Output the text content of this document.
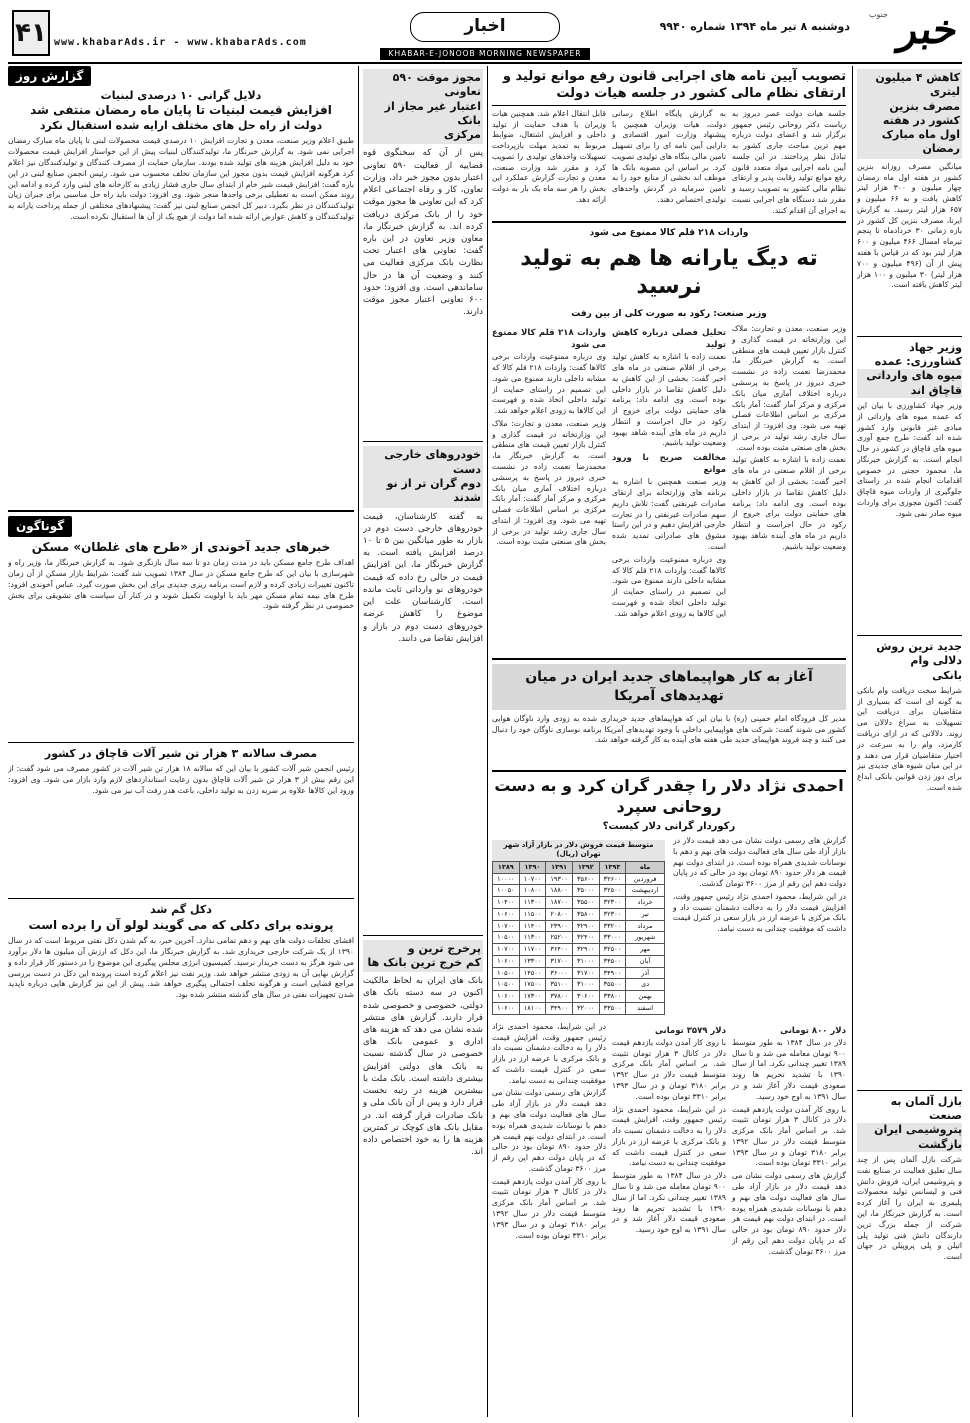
خبر
جنوب
دوشنبه ۸ تیر ماه ۱۳۹۴ شماره ۹۹۴۰
اخبار
KHABAR-E-JONOOB MORNING NEWSPAPER
www.khabarAds.ir - www.khabarAds.com
۴۱
کاهش ۴ میلیون لیتری
مصرف بنزین کشور در هفته
اول ماه مبارک رمضان
میانگین مصرف روزانه بنزین کشور در هفته اول ماه رمضان چهار میلیون و ۳۰۰ هزار لیتر کاهش یافت و به ۶۶ میلیون و ۶۵۷ هزار لیتر رسید. به گزارش ایرنا، مصرف بنزین کل کشور در بازه زمانی ۳۰ خردادماه تا پنجم تیرماه امسال ۴۶۶ میلیون و ۶۰۰ هزار لیتر بود که در قیاس با هفته پیش از آن (۴۹۶ میلیون و ۷۰۰ هزار لیتر) ۳۰ میلیون و ۱۰۰ هزار لیتر کاهش یافته است.
وزیر جهاد کشاورزی: عمده
میوه های وارداتی قاچاق اند
وزیر جهاد کشاورزی با بیان این که عمده میوه های وارداتی از مبادی غیر قانونی وارد کشور شده اند گفت: طرح جمع آوری میوه های قاچاق در کشور در حال انجام است. به گزارش خبرنگار ما، محمود حجتی در خصوص اقدامات انجام شده در راستای جلوگیری از واردات میوه قاچاق گفت: اکنون مجوزی برای واردات میوه صادر نمی شود.
جدید ترین روش دلالی وام
بانکی
شرایط سخت دریافت وام بانکی به گونه ای است که بسیاری از متقاضیان برای دریافت این تسهیلات به سراغ دلالان می روند. دلالانی که در ازای دریافت کارمزد، وام را به سرعت در اختیار متقاضیان قرار می دهند و در این میان شیوه های جدیدی نیز برای دور زدن قوانین بانکی ابداع شده است.
بازل آلمان به صنعت
پتروشیمی ایران بازگشت
شرکت بازل آلمان پس از چند سال تعلیق فعالیت در صنایع نفت و پتروشیمی ایران، فروش دانش فنی و لیسانس تولید محصولات پلیمری به ایران را آغاز کرده است. به گزارش خبرنگار ما، این شرکت از جمله بزرگ ترین دارندگان دانش فنی تولید پلی اتیلن و پلی پروپیلن در جهان است.
تصویب آیین نامه های اجرایی قانون رفع موانع تولید و ارتقای نظام مالی کشور در جلسه هیات دولت
جلسه هیات دولت عصر دیروز به ریاست دکتر روحانی رئیس جمهور برگزار شد و اعضای دولت درباره مهم ترین مباحث جاری کشور به تبادل نظر پرداختند. در این جلسه آیین نامه اجرایی مواد متعدد قانون رفع موانع تولید رقابت پذیر و ارتقای نظام مالی کشور به تصویب رسید و مقرر شد دستگاه های اجرایی نسبت به اجرای آن اقدام کنند.
به گزارش پایگاه اطلاع رسانی دولت، هیات وزیران همچنین با پیشنهاد وزارت امور اقتصادی و دارایی آیین نامه ای را برای تسهیل تامین مالی بنگاه های تولیدی تصویب کرد. بر اساس این مصوبه بانک ها موظف اند بخشی از منابع خود را به تامین سرمایه در گردش واحدهای تولیدی اختصاص دهند.
قابل انتقال اعلام شد. همچنین هیات وزیران با هدف حمایت از تولید داخلی و افزایش اشتغال، ضوابط مربوط به تمدید مهلت بازپرداخت تسهیلات واحدهای تولیدی را تصویب کرد و مقرر شد وزارت صنعت، معدن و تجارت گزارش عملکرد این بخش را هر سه ماه یک بار به دولت ارائه دهد.
واردات ۲۱۸ قلم کالا ممنوع می شود
ته دیگ یارانه ها هم به تولید نرسید
وزیر صنعت: رکود به صورت کلی از بین رفت

وزیر صنعت، معدن و تجارت: ملاک این وزارتخانه در قیمت گذاری و کنترل بازار تعیین قیمت های منطقی است. به گزارش خبرنگار ما، محمدرضا نعمت زاده در نشست خبری دیروز در پاسخ به پرسشی درباره اختلاف آماری میان بانک مرکزی و مرکز آمار گفت: آمار بانک مرکزی بر اساس اطلاعات فصلی تهیه می شود. وی افزود: از ابتدای سال جاری رشد تولید در برخی از بخش های صنعتی مثبت بوده است.

نعمت زاده با اشاره به کاهش تولید برخی از اقلام صنعتی در ماه های اخیر گفت: بخشی از این کاهش به دلیل کاهش تقاضا در بازار داخلی بوده است. وی ادامه داد: برنامه های حمایتی دولت برای خروج از رکود در حال اجراست و انتظار داریم در ماه های آینده شاهد بهبود وضعیت تولید باشیم.

تحلیل فصلی درباره کاهش تولید

نعمت زاده با اشاره به کاهش تولید برخی از اقلام صنعتی در ماه های اخیر گفت: بخشی از این کاهش به دلیل کاهش تقاضا در بازار داخلی بوده است. وی ادامه داد: برنامه های حمایتی دولت برای خروج از رکود در حال اجراست و انتظار داریم در ماه های آینده شاهد بهبود وضعیت تولید باشیم.

مخالفت صریح با ورود موانع

وزیر صنعت همچنین با اشاره به برنامه های وزارتخانه برای ارتقای صادرات غیرنفتی گفت: تلاش داریم سهم صادرات غیرنفتی را در تجارت خارجی افزایش دهیم و در این راستا مشوق های صادراتی تمدید شده است.

وی درباره ممنوعیت واردات برخی کالاها گفت: واردات ۲۱۸ قلم کالا که مشابه داخلی دارند ممنوع می شود. این تصمیم در راستای حمایت از تولید داخلی اتخاذ شده و فهرست این کالاها به زودی اعلام خواهد شد.

واردات ۲۱۸ قلم کالا ممنوع می شود

وی درباره ممنوعیت واردات برخی کالاها گفت: واردات ۲۱۸ قلم کالا که مشابه داخلی دارند ممنوع می شود. این تصمیم در راستای حمایت از تولید داخلی اتخاذ شده و فهرست این کالاها به زودی اعلام خواهد شد.

وزیر صنعت، معدن و تجارت: ملاک این وزارتخانه در قیمت گذاری و کنترل بازار تعیین قیمت های منطقی است. به گزارش خبرنگار ما، محمدرضا نعمت زاده در نشست خبری دیروز در پاسخ به پرسشی درباره اختلاف آماری میان بانک مرکزی و مرکز آمار گفت: آمار بانک مرکزی بر اساس اطلاعات فصلی تهیه می شود. وی افزود: از ابتدای سال جاری رشد تولید در برخی از بخش های صنعتی مثبت بوده است.

آغاز به کار هواپیماهای جدید ایران در میان تهدیدهای آمریکا
مدیر کل فرودگاه امام خمینی (ره) با بیان این که هواپیماهای جدید خریداری شده به زودی وارد ناوگان هوایی کشور می شوند گفت: شرکت های هواپیمایی داخلی با وجود تهدیدهای آمریکا برنامه نوسازی ناوگان خود را دنبال می کنند و چند فروند هواپیمای جدید طی هفته های آینده به کار گرفته خواهد شد.
احمدی نژاد دلار را چقدر گران کرد و به دست روحانی سپرد
رکوردار گرانی دلار کیست؟

گزارش های رسمی دولت نشان می دهد قیمت دلار در بازار آزاد طی سال های فعالیت دولت های نهم و دهم با نوسانات شدیدی همراه بوده است. در ابتدای دولت نهم قیمت هر دلار حدود ۸۹۰ تومان بود در حالی که در پایان دولت دهم این رقم از مرز ۳۶۰۰ تومان گذشت.

در این شرایط، محمود احمدی نژاد رئیس جمهور وقت، افزایش قیمت دلار را به دخالت دشمنان نسبت داد و بانک مرکزی با عرضه ارز در بازار سعی در کنترل قیمت داشت که موفقیت چندانی به دست نیامد.

متوسط قیمت فروش دلار در بازار آزاد شهر تهران (ریال)
ماه	۱۳۹۳	۱۳۹۲	۱۳۹۱	۱۳۹۰	۱۳۸۹
فروردین	۳۲۶۰۰	۳۵۶۰۰	۱۹۳۰۰	۱۰۷۰۰	۱۰۰۰۰
اردیبهشت	۳۲۵۰۰	۳۵۰۰۰	۱۸۸۰۰	۱۰۸۰۰	۱۰۰۵۰
خرداد	۳۲۳۰۰	۳۵۵۰۰	۱۸۷۰۰	۱۱۳۰۰	۱۰۴۰۰
تیر	۳۲۳۰۰	۳۵۸۰۰	۲۰۸۰۰	۱۱۵۰۰	۱۰۶۰۰
مرداد	۳۳۲۰۰	۳۲۹۰۰	۲۳۹۰۰	۱۱۴۰۰	۱۰۷۰۰
شهریور	۳۳۰۰۰	۳۲۴۰۰	۲۵۲۰۰	۱۱۳۰۰	۱۰۵۰۰
مهر	۳۲۵۰۰	۳۲۹۰۰	۳۶۴۰۰	۱۱۷۰۰	۱۰۷۰۰
آبان	۳۴۵۰۰	۳۱۰۰۰	۳۱۷۰۰	۱۳۳۰۰	۱۰۶۰۰
آذر	۳۴۹۰۰	۳۱۷۰۰	۳۶۰۰۰	۱۴۵۰۰	۱۰۵۰۰
دی	۳۵۵۰۰	۳۱۰۰۰	۳۵۱۰۰	۱۷۵۰۰	۱۰۵۰۰
بهمن	۳۳۸۰۰	۳۰۶۰۰	۳۷۸۰۰	۱۷۳۰۰	۱۰۶۰۰
اسفند	۳۳۵۰۰	۳۲۰۰۰	۳۴۹۰۰	۱۸۱۰۰	۱۰۶۰۰
دلار ۸۰۰ تومانی

دلار در سال ۱۳۸۴ به طور متوسط ۹۰۰ تومان معامله می شد و تا سال ۱۳۸۹ تغییر چندانی نکرد. اما از سال ۱۳۹۰ با تشدید تحریم ها روند صعودی قیمت دلار آغاز شد و در سال ۱۳۹۱ به اوج خود رسید.

با روی کار آمدن دولت یازدهم قیمت دلار در کانال ۳ هزار تومان تثبیت شد. بر اساس آمار بانک مرکزی متوسط قیمت دلار در سال ۱۳۹۲ برابر ۳۱۸۰ تومان و در سال ۱۳۹۳ برابر ۳۳۱۰ تومان بوده است.

گزارش های رسمی دولت نشان می دهد قیمت دلار در بازار آزاد طی سال های فعالیت دولت های نهم و دهم با نوسانات شدیدی همراه بوده است. در ابتدای دولت نهم قیمت هر دلار حدود ۸۹۰ تومان بود در حالی که در پایان دولت دهم این رقم از مرز ۳۶۰۰ تومان گذشت.

دلار ۳۵۷۹ تومانی

با روی کار آمدن دولت یازدهم قیمت دلار در کانال ۳ هزار تومان تثبیت شد. بر اساس آمار بانک مرکزی متوسط قیمت دلار در سال ۱۳۹۲ برابر ۳۱۸۰ تومان و در سال ۱۳۹۳ برابر ۳۳۱۰ تومان بوده است.

در این شرایط، محمود احمدی نژاد رئیس جمهور وقت، افزایش قیمت دلار را به دخالت دشمنان نسبت داد و بانک مرکزی با عرضه ارز در بازار سعی در کنترل قیمت داشت که موفقیت چندانی به دست نیامد.

دلار در سال ۱۳۸۴ به طور متوسط ۹۰۰ تومان معامله می شد و تا سال ۱۳۸۹ تغییر چندانی نکرد. اما از سال ۱۳۹۰ با تشدید تحریم ها روند صعودی قیمت دلار آغاز شد و در سال ۱۳۹۱ به اوج خود رسید.

در این شرایط، محمود احمدی نژاد رئیس جمهور وقت، افزایش قیمت دلار را به دخالت دشمنان نسبت داد و بانک مرکزی با عرضه ارز در بازار سعی در کنترل قیمت داشت که موفقیت چندانی به دست نیامد.

گزارش های رسمی دولت نشان می دهد قیمت دلار در بازار آزاد طی سال های فعالیت دولت های نهم و دهم با نوسانات شدیدی همراه بوده است. در ابتدای دولت نهم قیمت هر دلار حدود ۸۹۰ تومان بود در حالی که در پایان دولت دهم این رقم از مرز ۳۶۰۰ تومان گذشت.

با روی کار آمدن دولت یازدهم قیمت دلار در کانال ۳ هزار تومان تثبیت شد. بر اساس آمار بانک مرکزی متوسط قیمت دلار در سال ۱۳۹۲ برابر ۳۱۸۰ تومان و در سال ۱۳۹۳ برابر ۳۳۱۰ تومان بوده است.

مجوز موقت ۵۹۰ تعاونی
اعتبار غیر مجاز از بانک
مرکزی
پس از آن که سخنگوی قوه قضاییه از فعالیت ۵۹۰ تعاونی اعتبار بدون مجوز خبر داد، وزارت تعاون، کار و رفاه اجتماعی اعلام کرد که این تعاونی ها مجوز موقت خود را از بانک مرکزی دریافت کرده اند. به گزارش خبرنگار ما، معاون وزیر تعاون در این باره گفت: تعاونی های اعتبار تحت نظارت بانک مرکزی فعالیت می کنند و وضعیت آن ها در حال ساماندهی است. وی افزود: حدود ۶۰۰ تعاونی اعتبار مجوز موقت دارند.
خودروهای خارجی دست
دوم گران تر از نو شدند
به گفته کارشناسان، قیمت خودروهای خارجی دست دوم در بازار به طور میانگین بین ۵ تا ۱۰ درصد افزایش یافته است. به گزارش خبرنگار ما، این افزایش قیمت در حالی رخ داده که قیمت خودروهای نو وارداتی ثابت مانده است. کارشناسان علت این موضوع را کاهش عرضه خودروهای دست دوم در بازار و افزایش تقاضا می دانند.
پرخرج ترین و
کم خرج ترین بانک ها
بانک های ایران به لحاظ مالکیت اکنون در سه دسته بانک های دولتی، خصوصی و خصوصی شده قرار دارند. گزارش های منتشر شده نشان می دهد که هزینه های اداری و عمومی بانک های خصوصی در سال گذشته نسبت به بانک های دولتی افزایش بیشتری داشته است. بانک ملت با بیشترین هزینه در رتبه نخست قرار دارد و پس از آن بانک ملی و بانک صادرات قرار گرفته اند. در مقابل بانک های کوچک تر کمترین هزینه ها را به خود اختصاص داده اند.
گزارش روز
دلایل گرانی ۱۰ درصدی لبنیات
افزایش قیمت لبنیات تا پایان ماه رمضان منتفی شد
دولت از راه حل های مختلف ارایه شده استقبال نکرد
طبیق اعلام وزیر صنعت، معدن و تجارت افزایش ۱۰ درصدی قیمت محصولات لبنی تا پایان ماه مبارک رمضان اجرایی نمی شود. به گزارش خبرنگار ما، تولیدکنندگان لبنیات پیش از این خواستار افزایش قیمت محصولات خود به دلیل افزایش هزینه های تولید شده بودند. سازمان حمایت از مصرف کنندگان و تولیدکنندگان نیز اعلام کرد هرگونه افزایش قیمت بدون مجوز این سازمان تخلف محسوب می شود. رئیس انجمن صنایع لبنی در این باره گفت: افزایش قیمت شیر خام از ابتدای سال جاری فشار زیادی به کارخانه های لبنی وارد کرده و ادامه این روند ممکن است به تعطیلی برخی واحدها منجر شود. وی افزود: دولت باید راه حل مناسبی برای جبران زیان تولیدکنندگان در نظر بگیرد. دبیر کل انجمن صنایع لبنی نیز گفت: پیشنهادهای مختلفی از جمله پرداخت یارانه به تولیدکنندگان و کاهش عوارض ارائه شده اما دولت از هیچ یک از آن ها استقبال نکرده است.
گوناگون
خبرهای جدید آخوندی از «طرح های غلطان» مسکن
اهداف طرح جامع مسکن باید در مدت زمان دو تا سه سال بازنگری شود. به گزارش خبرنگار ما، وزیر راه و شهرسازی با بیان این که طرح جامع مسکن در سال ۱۳۸۴ تصویب شد گفت: شرایط بازار مسکن از آن زمان تاکنون تغییرات زیادی کرده و لازم است برنامه ریزی جدیدی برای این بخش صورت گیرد. عباس آخوندی افزود: طرح های نیمه تمام مسکن مهر باید با اولویت تکمیل شوند و در کنار آن سیاست های تشویقی برای بخش خصوصی در نظر گرفته شود.
مصرف سالانه ۳ هزار تن شیر آلات قاچاق در کشور
رئیس انجمن شیر آلات کشور با بیان این که سالانه ۱۸ هزار تن شیر آلات در کشور مصرف می شود گفت: از این رقم بیش از ۳ هزار تن شیر آلات قاچاق بدون رعایت استانداردهای لازم وارد بازار می شود. وی افزود: ورود این کالاها علاوه بر ضربه زدن به تولید داخلی، باعث هدر رفت آب نیز می شود.
دکل گم شد
پرونده برای دکلی که می گویند لولو آن را برده است
افشای تخلفات دولت های نهم و دهم تمامی ندارد. آخرین خبر، به گم شدن دکل نفتی مربوط است که در سال ۱۳۹۰ از یک شرکت خارجی خریداری شد. به گزارش خبرنگار ما، این دکل که ارزش آن میلیون ها دلار برآورد می شود هرگز به دست خریدار نرسید. کمیسیون انرژی مجلس پیگیری این موضوع را در دستور کار قرار داده و گزارش نهایی آن به زودی منتشر خواهد شد. وزیر نفت نیز اعلام کرده است پرونده این دکل در دست بررسی مراجع قضایی است و هرگونه تخلف احتمالی پیگیری خواهد شد. پیش از این نیز گزارش هایی درباره ناپدید شدن تجهیزات نفتی در سال های گذشته منتشر شده بود.
